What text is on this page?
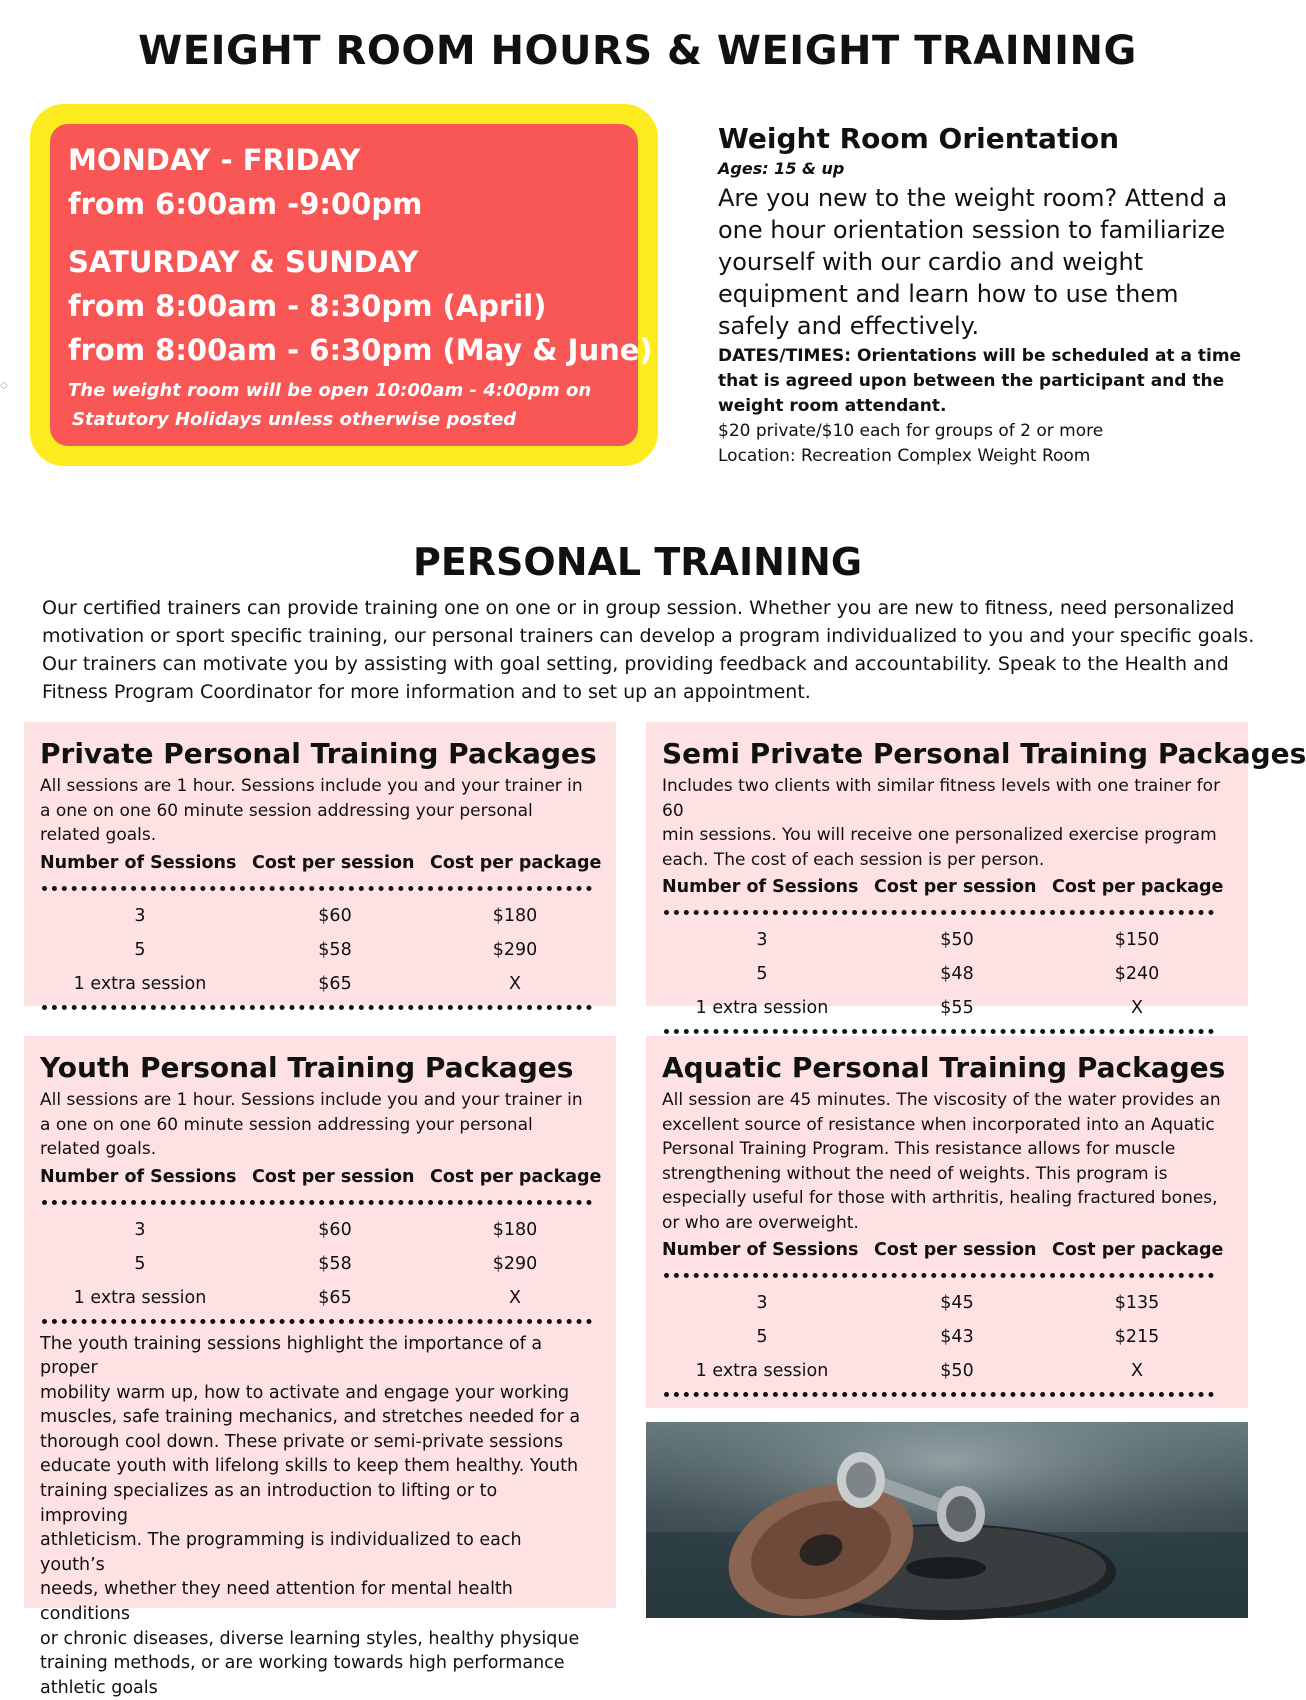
WEIGHT ROOM HOURS & WEIGHT TRAINING
MONDAY - FRIDAY
from 6:00am -9:00pm
SATURDAY & SUNDAY
from 8:00am - 8:30pm (April)
from 8:00am - 6:30pm (May & June)
The weight room will be open 10:00am - 4:00pm on
Statutory Holidays unless otherwise posted
◇
Weight Room Orientation
Ages: 15 & up
Are you new to the weight room? Attend a
one hour orientation session to familiarize
yourself with our cardio and weight
equipment and learn how to use them
safely and effectively.
DATES/TIMES: Orientations will be scheduled at a time
that is agreed upon between the participant and the
weight room attendant.
$20 private/$10 each for groups of 2 or more
Location: Recreation Complex Weight Room
PERSONAL TRAINING
Our certified trainers can provide training one on one or in group session. Whether you are new to fitness, need personalized
motivation or sport specific training, our personal trainers can develop a program individualized to you and your specific goals.
Our trainers can motivate you by assisting with goal setting, providing feedback and accountability. Speak to the Health and
Fitness Program Coordinator for more information and to set up an appointment.
Private Personal Training Packages
All sessions are 1 hour. Sessions include you and your trainer in
a one on one 60 minute session addressing your personal
related goals.
Number of Sessions Cost per session Cost per package
3	$60	$180
5	$58	$290
1 extra session	$65	X
Semi Private Personal Training Packages
Includes two clients with similar fitness levels with one trainer for 60
min sessions. You will receive one personalized exercise program
each. The cost of each session is per person.
Number of Sessions Cost per session Cost per package
3	$50	$150
5	$48	$240
1 extra session	$55	X
Youth Personal Training Packages
All sessions are 1 hour. Sessions include you and your trainer in
a one on one 60 minute session addressing your personal
related goals.
Number of Sessions Cost per session Cost per package
3	$60	$180
5	$58	$290
1 extra session	$65	X
The youth training sessions highlight the importance of a proper
mobility warm up, how to activate and engage your working
muscles, safe training mechanics, and stretches needed for a
thorough cool down. These private or semi-private sessions
educate youth with lifelong skills to keep them healthy. Youth
training specializes as an introduction to lifting or to improving
athleticism. The programming is individualized to each youth’s
needs, whether they need attention for mental health conditions
or chronic diseases, diverse learning styles, healthy physique
training methods, or are working towards high performance
athletic goals
Aquatic Personal Training Packages
All session are 45 minutes. The viscosity of the water provides an
excellent source of resistance when incorporated into an Aquatic
Personal Training Program. This resistance allows for muscle
strengthening without the need of weights. This program is
especially useful for those with arthritis, healing fractured bones,
or who are overweight.
Number of Sessions Cost per session Cost per package
3	$45	$135
5	$43	$215
1 extra session	$50	X
